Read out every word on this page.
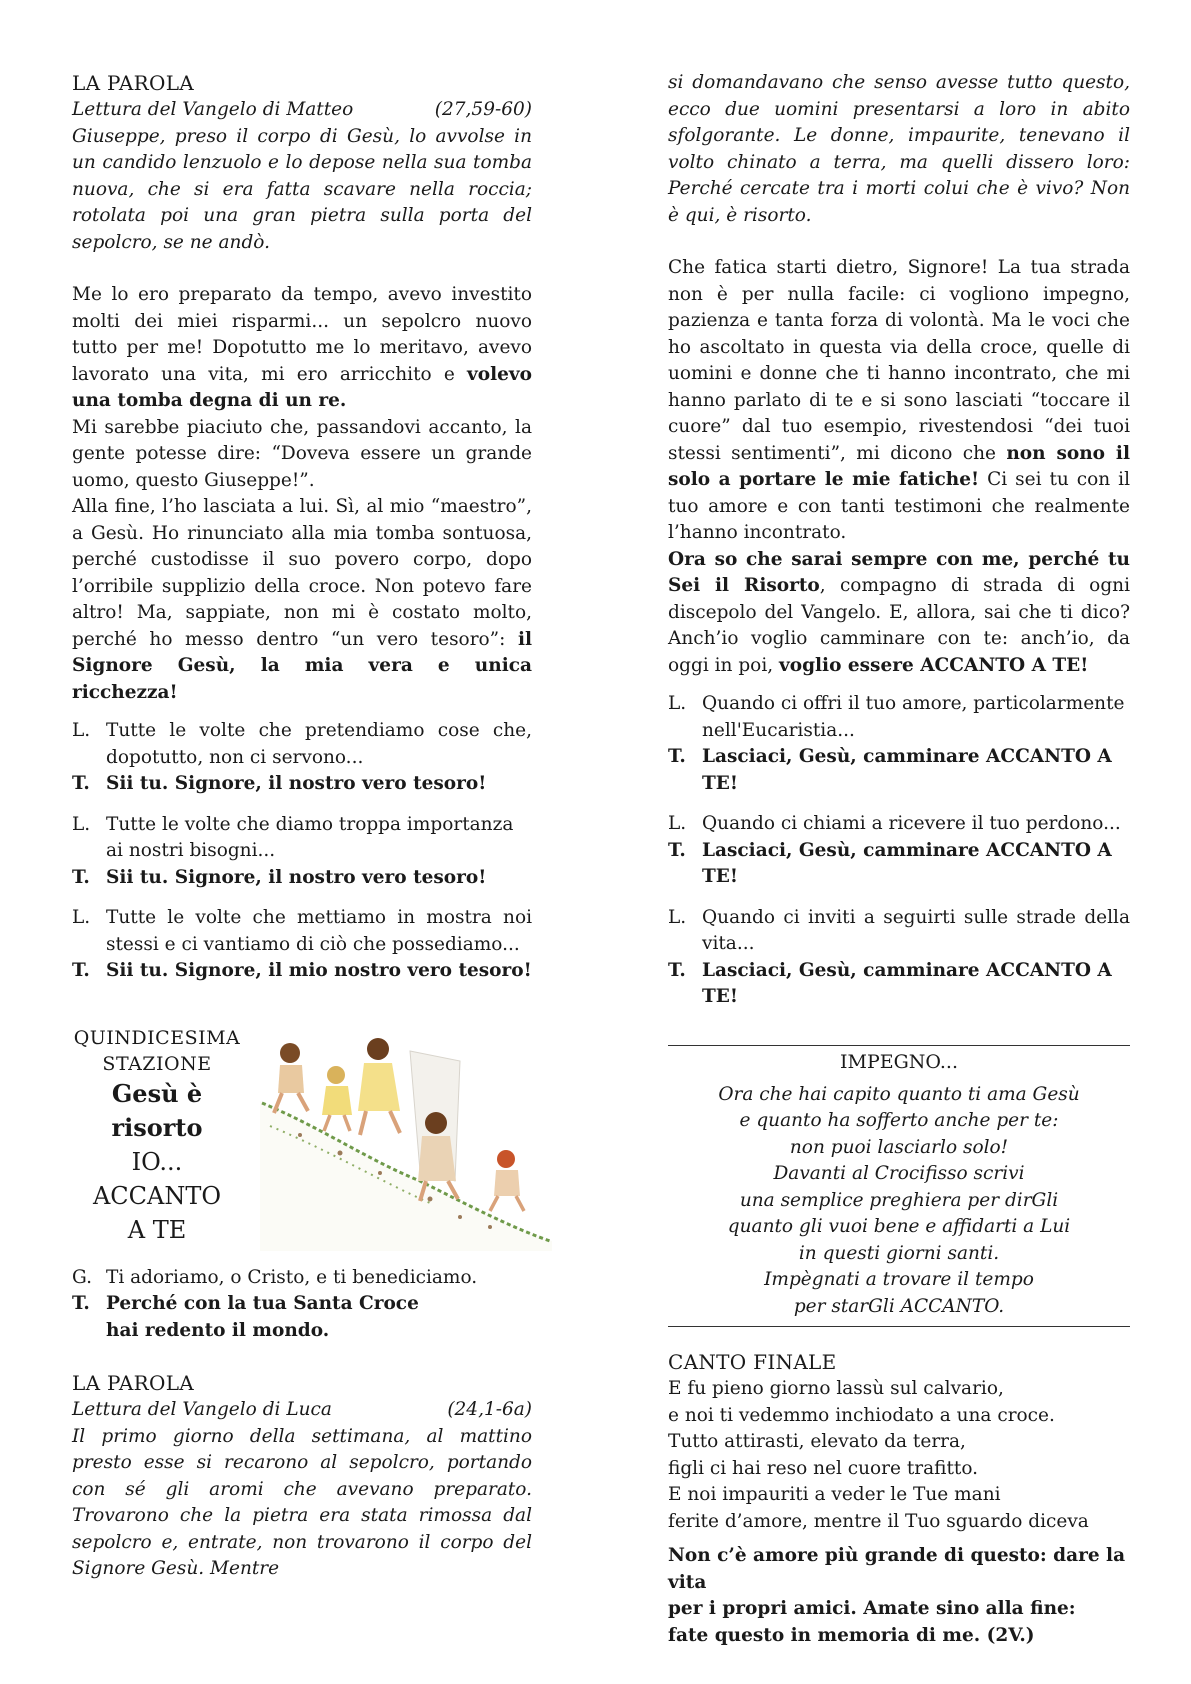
LA PAROLA
Lettura del Vangelo di Matteo	(27,59-60)

Giuseppe, preso il corpo di Gesù, lo avvolse in un candido lenzuolo e lo depose nella sua tomba nuova, che si era fatta scavare nella roccia; rotolata poi una gran pietra sulla porta del sepolcro, se ne andò.

Me lo ero preparato da tempo, avevo investito molti dei miei risparmi... un sepolcro nuovo tutto per me! Dopotutto me lo meritavo, avevo lavorato una vita, mi ero arricchito e volevo una tomba degna di un re.

Mi sarebbe piaciuto che, passandovi accanto, la gente potesse dire: “Doveva essere un grande uomo, questo Giuseppe!”.

Alla fine, l’ho lasciata a lui. Sì, al mio “maestro”, a Gesù. Ho rinunciato alla mia tomba sontuosa, perché custodisse il suo povero corpo, dopo l’orribile supplizio della croce. Non potevo fare altro! Ma, sappiate, non mi è costato molto, perché ho messo dentro “un vero tesoro”: il Signore Gesù, la mia vera e unica ricchezza!

L. Tutte le volte che pretendiamo cose che, dopotutto, non ci servono...
T. Sii tu. Signore, il nostro vero tesoro!
L. Tutte le volte che diamo troppa importanza ai nostri bisogni...
T. Sii tu. Signore, il nostro vero tesoro!
L. Tutte le volte che mettiamo in mostra noi stessi e ci vantiamo di ciò che possediamo...
T. Sii tu. Signore, il mio nostro vero tesoro!
QUINDICESIMA
STAZIONE
Gesù è
risorto
IO...
ACCANTO
A TE
G. Ti adoriamo, o Cristo, e ti benediciamo.
T. Perché con la tua Santa Croce
hai redento il mondo.
LA PAROLA
Lettura del Vangelo di Luca	(24,1-6a)

Il primo giorno della settimana, al mattino presto esse si recarono al sepolcro, portando con sé gli aromi che avevano preparato. Trovarono che la pietra era stata rimossa dal sepolcro e, entrate, non trovarono il corpo del Signore Gesù. Mentre

si domandavano che senso avesse tutto questo, ecco due uomini presentarsi a loro in abito sfolgorante. Le donne, impaurite, tenevano il volto chinato a terra, ma quelli dissero loro: Perché cercate tra i morti colui che è vivo? Non è qui, è risorto.

Che fatica starti dietro, Signore! La tua strada non è per nulla facile: ci vogliono impegno, pazienza e tanta forza di volontà. Ma le voci che ho ascoltato in questa via della croce, quelle di uomini e donne che ti hanno incontrato, che mi hanno parlato di te e si sono lasciati “toccare il cuore” dal tuo esempio, rivestendosi “dei tuoi stessi sentimenti”, mi dicono che non sono il solo a portare le mie fatiche! Ci sei tu con il tuo amore e con tanti testimoni che realmente l’hanno incontrato.

Ora so che sarai sempre con me, perché tu Sei il Risorto, compagno di strada di ogni discepolo del Vangelo. E, allora, sai che ti dico? Anch’io voglio camminare con te: anch’io, da oggi in poi, voglio essere ACCANTO A TE!

L. Quando ci offri il tuo amore, particolarmente nell'Eucaristia...
T. Lasciaci, Gesù, camminare ACCANTO A TE!
L. Quando ci chiami a ricevere il tuo perdono...
T. Lasciaci, Gesù, camminare ACCANTO A TE!
L. Quando ci inviti a seguirti sulle strade della vita...
T. Lasciaci, Gesù, camminare ACCANTO A TE!
IMPEGNO...
Ora che hai capito quanto ti ama Gesù
e quanto ha sofferto anche per te:
non puoi lasciarlo solo!
Davanti al Crocifisso scrivi
una semplice preghiera per dirGli
quanto gli vuoi bene e affidarti a Lui
in questi giorni santi.
Impègnati a trovare il tempo
per starGli ACCANTO.
CANTO FINALE
E fu pieno giorno lassù sul calvario,
e noi ti vedemmo inchiodato a una croce.
Tutto attirasti, elevato da terra,
figli ci hai reso nel cuore trafitto.
E noi impauriti a veder le Tue mani
ferite d’amore, mentre il Tuo sguardo diceva
Non c’è amore più grande di questo: dare la vita
per i propri amici. Amate sino alla fine:
fate questo in memoria di me. (2V.)
